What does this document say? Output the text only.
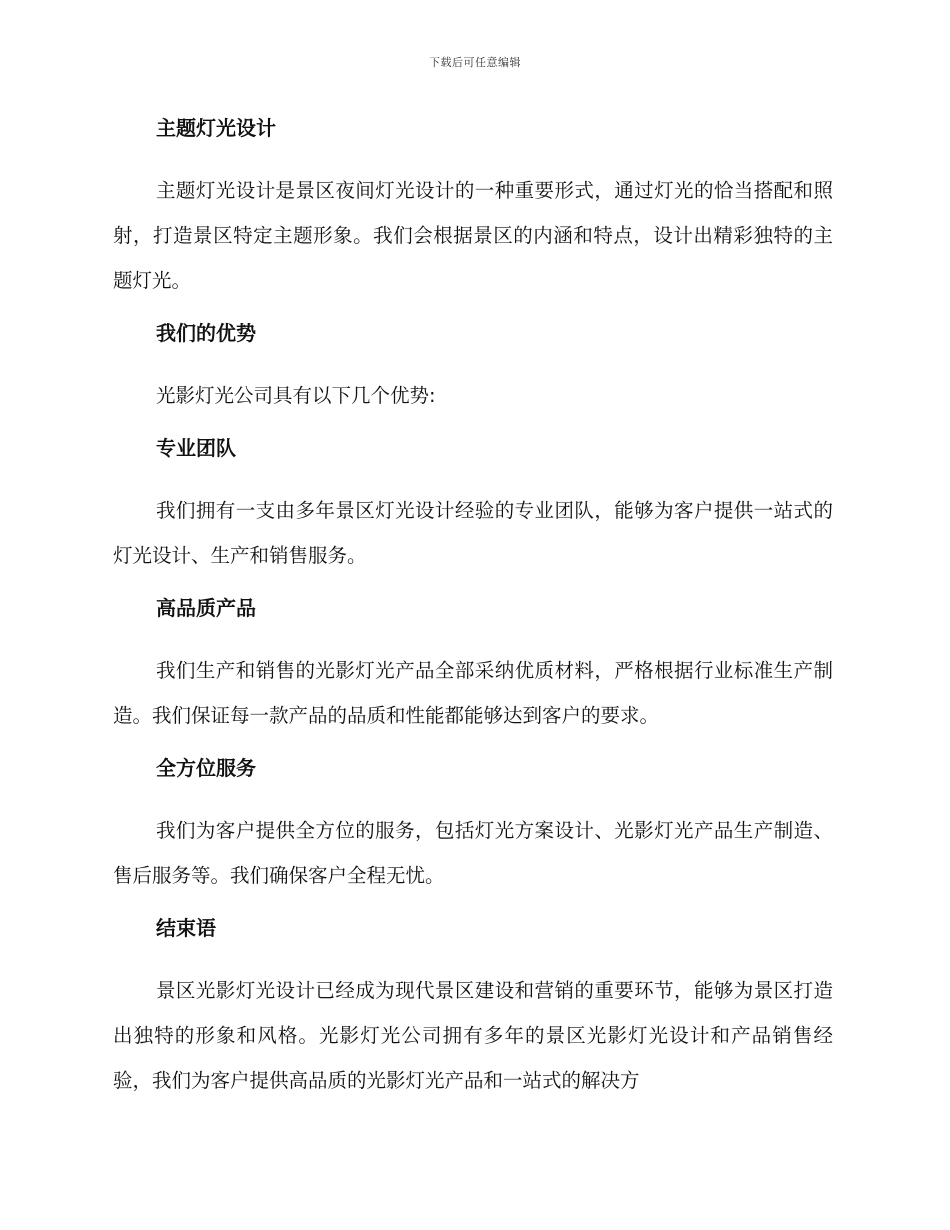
下载后可任意编辑
主题灯光设计

主题灯光设计是景区夜间灯光设计的一种重要形式，通过灯光的恰当搭配和照射，打造景区特定主题形象。我们会根据景区的内涵和特点，设计出精彩独特的主题灯光。

我们的优势

光影灯光公司具有以下几个优势:

专业团队

我们拥有一支由多年景区灯光设计经验的专业团队，能够为客户提供一站式的灯光设计、生产和销售服务。

高品质产品

我们生产和销售的光影灯光产品全部采纳优质材料，严格根据行业标准生产制造。我们保证每一款产品的品质和性能都能够达到客户的要求。

全方位服务

我们为客户提供全方位的服务，包括灯光方案设计、光影灯光产品生产制造、售后服务等。我们确保客户全程无忧。

结束语

景区光影灯光设计已经成为现代景区建设和营销的重要环节，能够为景区打造出独特的形象和风格。光影灯光公司拥有多年的景区光影灯光设计和产品销售经验，我们为客户提供高品质的光影灯光产品和一站式的解决方
